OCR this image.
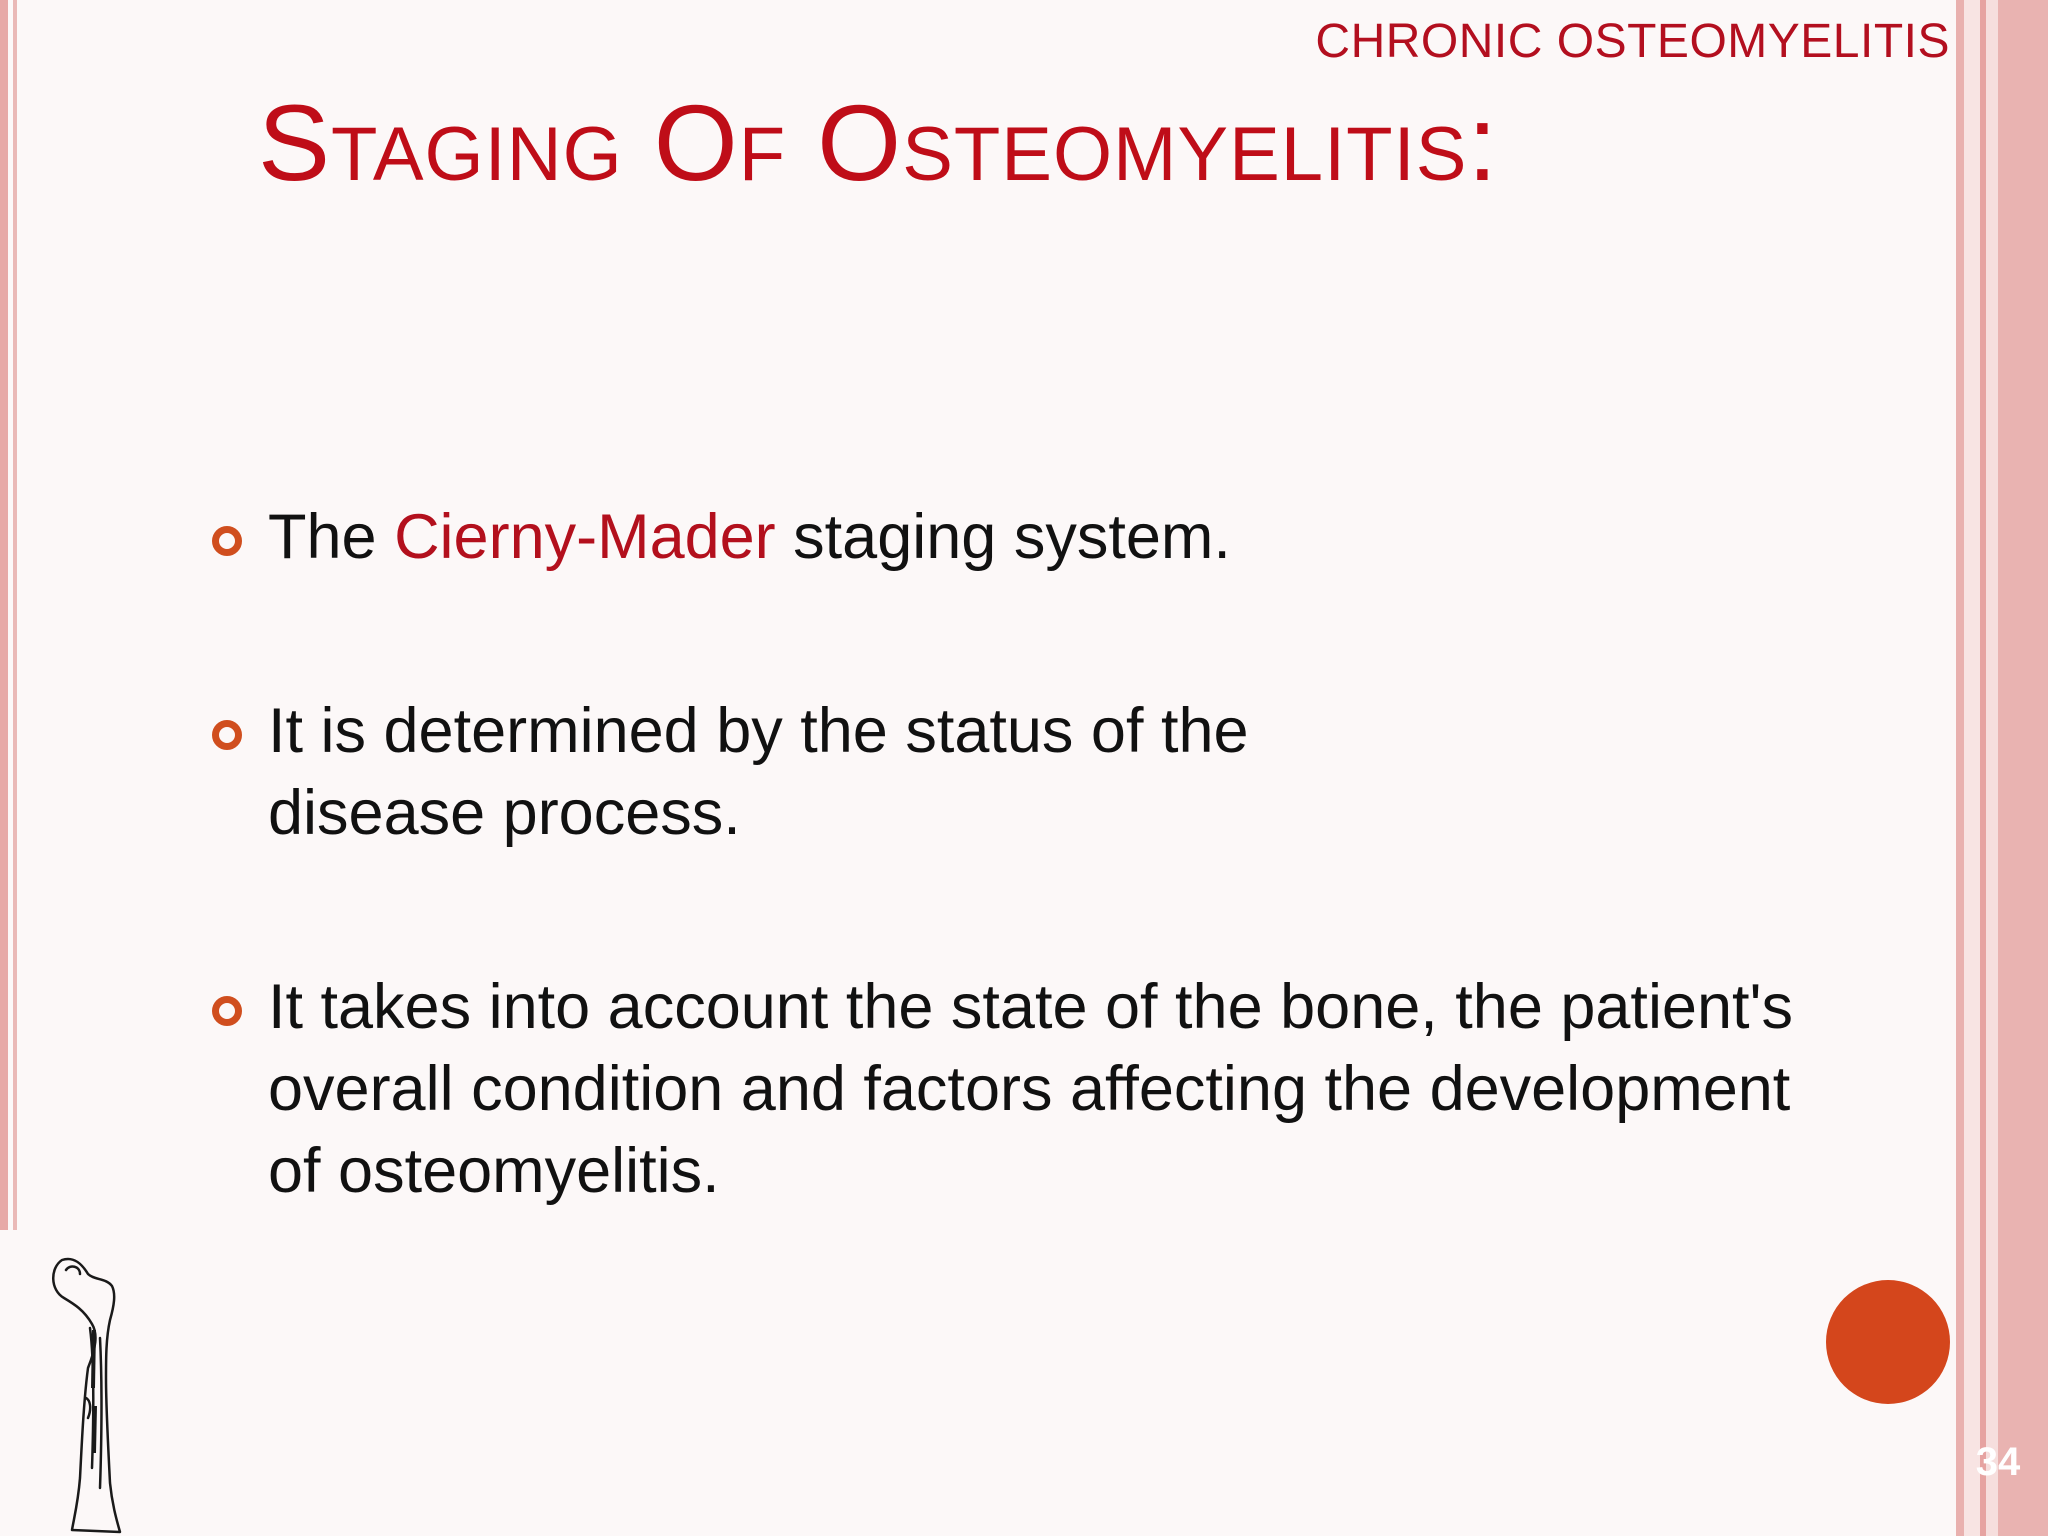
CHRONIC OSTEOMYELITIS
Staging Of Osteomyelitis:
The Cierny-Mader staging system.
It is determined by the status of the disease process.
It takes into account the state of the bone, the patient's overall condition and factors affecting the development of osteomyelitis.
34
